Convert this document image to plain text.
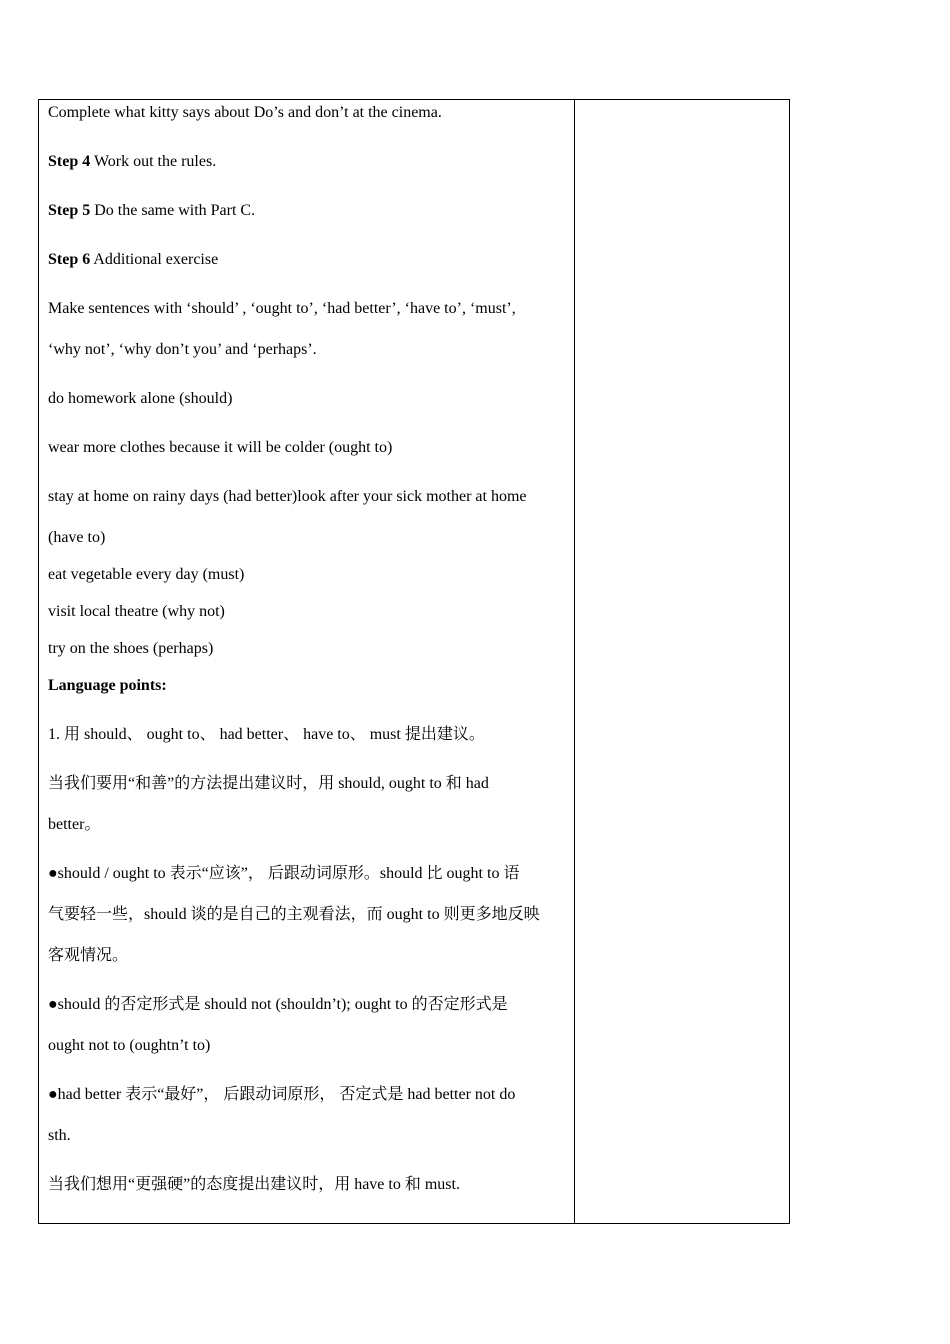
Complete what kitty says about Do’s and don’t at the cinema.
Step 4 Work out the rules.
Step 5 Do the same with Part C.
Step 6 Additional exercise
Make sentences with ‘should’ , ‘ought to’, ‘had better’, ‘have to’, ‘must’,
‘why not’, ‘why don’t you’ and ‘perhaps’.
do homework alone (should)
wear more clothes because it will be colder (ought to)
stay at home on rainy days (had better)look after your sick mother at home
(have to)
eat vegetable every day (must)
visit local theatre (why not)
try on the shoes (perhaps)
Language points:
1. 用 should、 ought to、 had better、 have to、 must 提出建议。
当我们要用“和善”的方法提出建议时，用 should, ought to 和 had
better。
●should / ought to 表示“应该”， 后跟动词原形。should 比 ought to 语
气要轻一些，should 谈的是自己的主观看法，而 ought to 则更多地反映
客观情况。
●should 的否定形式是 should not (shouldn’t); ought to 的否定形式是
ought not to (oughtn’t to)
●had better 表示“最好”， 后跟动词原形， 否定式是 had better not do
sth.
当我们想用“更强硬”的态度提出建议时，用 have to 和 must.
